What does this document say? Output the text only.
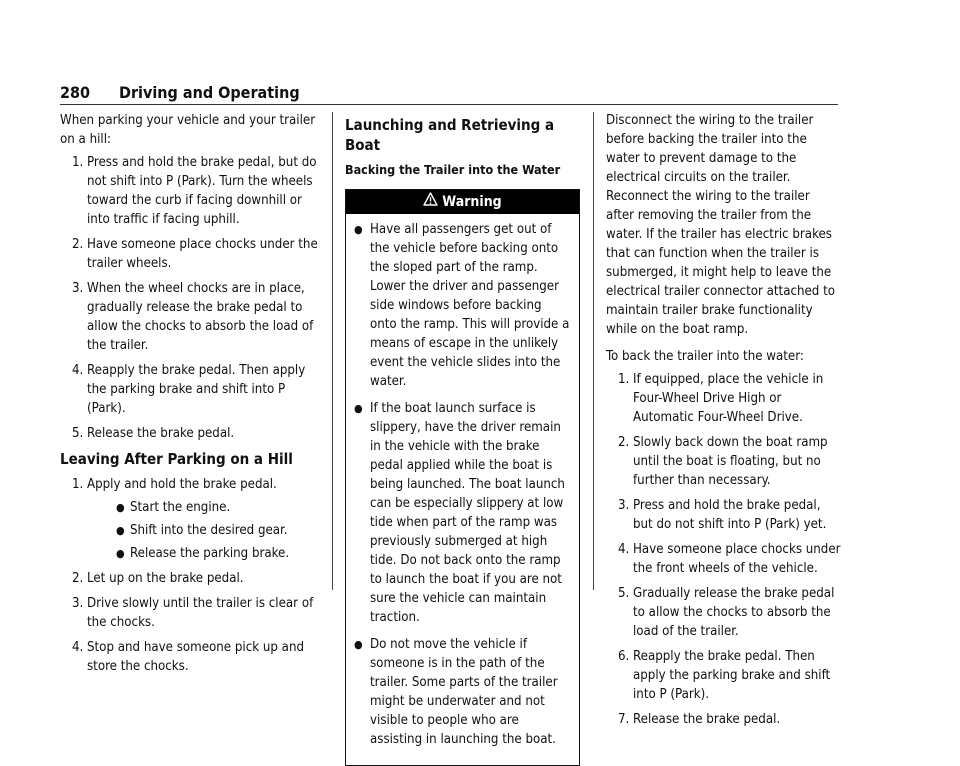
280 Driving and Operating

When parking your vehicle and your trailer on a hill:

1. Press and hold the brake pedal, but do not shift into P (Park). Turn the wheels toward the curb if facing downhill or into traffic if facing uphill.
2. Have someone place chocks under the trailer wheels.
3. When the wheel chocks are in place, gradually release the brake pedal to allow the chocks to absorb the load of the trailer.
4. Reapply the brake pedal. Then apply the parking brake and shift into P (Park).
5. Release the brake pedal.
Leaving After Parking on a Hill
1. Apply and hold the brake pedal.
● Start the engine.
● Shift into the desired gear.
● Release the parking brake.
2. Let up on the brake pedal.
3. Drive slowly until the trailer is clear of the chocks.
4. Stop and have someone pick up and store the chocks.
Launching and Retrieving a Boat
Backing the Trailer into the Water
Warning
● Have all passengers get out of the vehicle before backing onto the sloped part of the ramp. Lower the driver and passenger side windows before backing onto the ramp. This will provide a means of escape in the unlikely event the vehicle slides into the water.
● If the boat launch surface is slippery, have the driver remain in the vehicle with the brake pedal applied while the boat is being launched. The boat launch can be especially slippery at low tide when part of the ramp was previously submerged at high tide. Do not back onto the ramp to launch the boat if you are not sure the vehicle can maintain traction.
● Do not move the vehicle if someone is in the path of the trailer. Some parts of the trailer might be underwater and not visible to people who are assisting in launching the boat.

Disconnect the wiring to the trailer before backing the trailer into the water to prevent damage to the electrical circuits on the trailer. Reconnect the wiring to the trailer after removing the trailer from the water. If the trailer has electric brakes that can function when the trailer is submerged, it might help to leave the electrical trailer connector attached to maintain trailer brake functionality while on the boat ramp.

To back the trailer into the water:

1. If equipped, place the vehicle in Four-Wheel Drive High or Automatic Four-Wheel Drive.
2. Slowly back down the boat ramp until the boat is floating, but no further than necessary.
3. Press and hold the brake pedal, but do not shift into P (Park) yet.
4. Have someone place chocks under the front wheels of the vehicle.
5. Gradually release the brake pedal to allow the chocks to absorb the load of the trailer.
6. Reapply the brake pedal. Then apply the parking brake and shift into P (Park).
7. Release the brake pedal.
